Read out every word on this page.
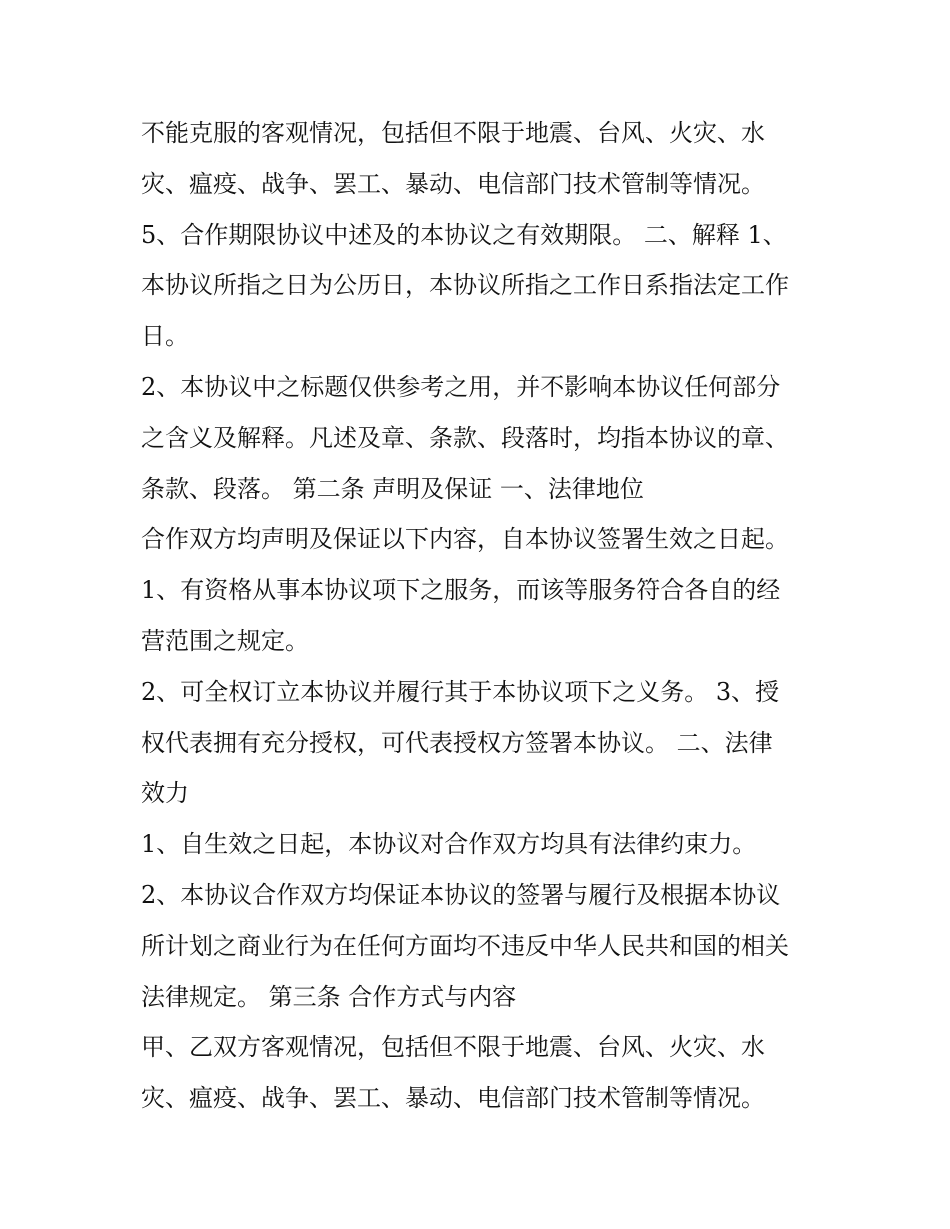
不能克服的客观情况，包括但不限于地震、台风、火灾、水
灾、瘟疫、战争、罢工、暴动、电信部门技术管制等情况。
5、合作期限协议中述及的本协议之有效期限。 二、解释 1、
本协议所指之日为公历日，本协议所指之工作日系指法定工作
日。
2、本协议中之标题仅供参考之用，并不影响本协议任何部分
之含义及解释。凡述及章、条款、段落时，均指本协议的章、
条款、段落。 第二条 声明及保证 一、法律地位
合作双方均声明及保证以下内容，自本协议签署生效之日起。
1、有资格从事本协议项下之服务，而该等服务符合各自的经
营范围之规定。
2、可全权订立本协议并履行其于本协议项下之义务。 3、授
权代表拥有充分授权，可代表授权方签署本协议。 二、法律
效力
1、自生效之日起，本协议对合作双方均具有法律约束力。
2、本协议合作双方均保证本协议的签署与履行及根据本协议
所计划之商业行为在任何方面均不违反中华人民共和国的相关
法律规定。 第三条 合作方式与内容
甲、乙双方客观情况，包括但不限于地震、台风、火灾、水
灾、瘟疫、战争、罢工、暴动、电信部门技术管制等情况。
